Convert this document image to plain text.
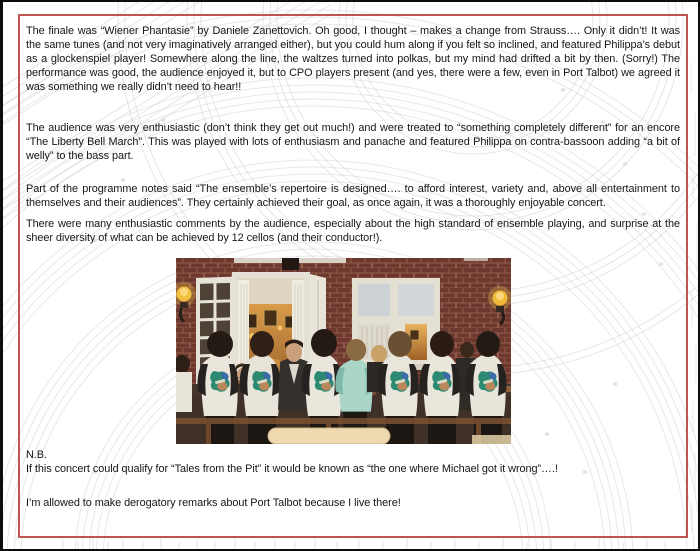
The finale was “Wiener Phantasie” by Daniele Zanettovich. Oh good, I thought – makes a change from Strauss…. Only it didn’t! It was the same tunes (and not very imaginatively arranged either), but you could hum along if you felt so inclined, and featured Philippa’s debut as a glockenspiel player! Somewhere along the line, the waltzes turned into polkas, but my mind had drifted a bit by then. (Sorry!) The performance was good, the audience enjoyed it, but to CPO players present (and yes, there were a few, even in Port Talbot) we agreed it was something we really didn’t need to hear!!

The audience was very enthusiastic (don’t think they get out much!) and were treated to “something completely different” for an encore “The Liberty Bell March”. This was played with lots of enthusiasm and panache and featured Philippa on contra-bassoon adding “a bit of welly” to the bass part.

Part of the programme notes said “The ensemble’s repertoire is designed…. to afford interest, variety and, above all entertainment to themselves and their audiences”. They certainly achieved their goal, as once again, it was a thoroughly enjoyable concert.

There were many enthusiastic comments by the audience, especially about the high standard of ensemble playing, and surprise at the sheer diversity of what can be achieved by 12 cellos (and their conductor!).

N.B.

If this concert could qualify for “Tales from the Pit” it would be known as “the one where Michael got it wrong”….!

I’m allowed to make derogatory remarks about Port Talbot because I live there!
